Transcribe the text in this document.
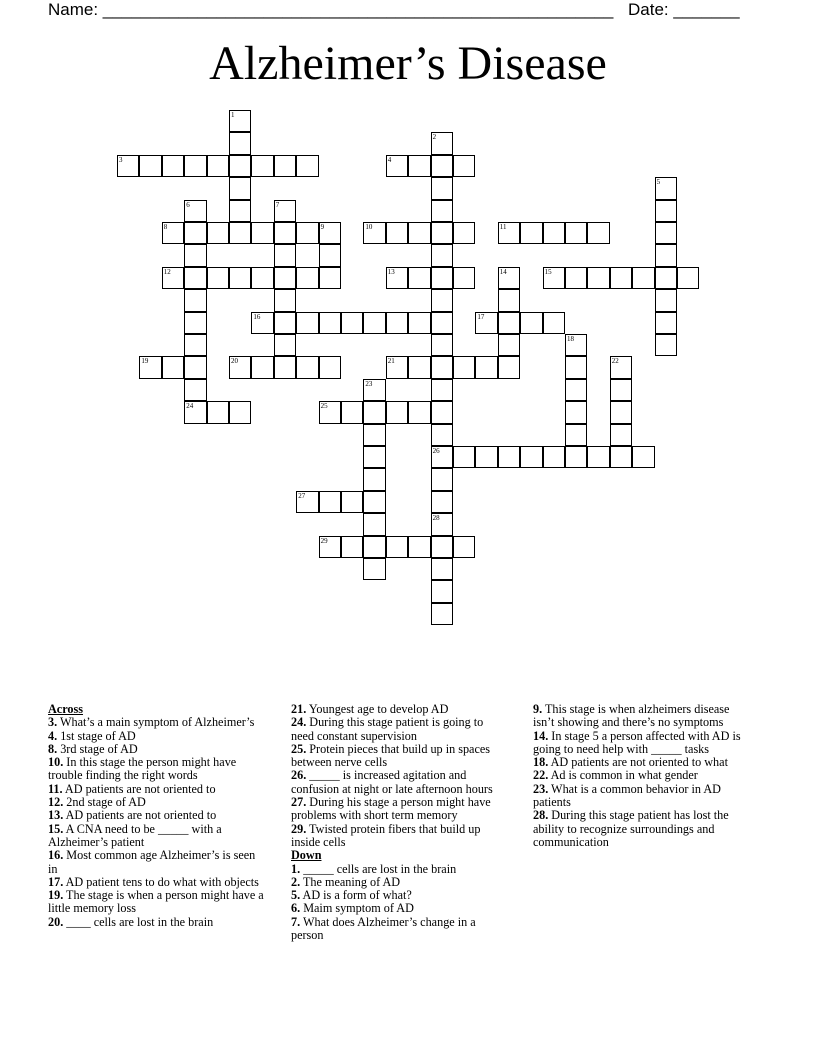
Name: ______________________________________________________ Date: _______
Alzheimer’s Disease
1
2
26
3	4
5
6
24
7
8	9	10	11
12	13	14	15
16	17
18
19	20	21	22
23
25
27
28
29
Across

3. What’s a main symptom of Alzheimer’s

4. 1st stage of AD

8. 3rd stage of AD

10. In this stage the person might have trouble finding the right words

11. AD patients are not oriented to

12. 2nd stage of AD

13. AD patients are not oriented to

15. A CNA need to be _____ with a Alzheimer’s patient

16. Most common age Alzheimer’s is seen in

17. AD patient tens to do what with objects

19. The stage is when a person might have a little memory loss

20. ____ cells are lost in the brain

21. Youngest age to develop AD

24. During this stage patient is going to need constant supervision

25. Protein pieces that build up in spaces between nerve cells

26. _____ is increased agitation and confusion at night or late afternoon hours

27. During his stage a person might have problems with short term memory

29. Twisted protein fibers that build up inside cells

Down

1. _____ cells are lost in the brain

2. The meaning of AD

5. AD is a form of what?

6. Maim symptom of AD

7. What does Alzheimer’s change in a person

9. This stage is when alzheimers disease isn’t showing and there’s no symptoms

14. In stage 5 a person affected with AD is going to need help with _____ tasks

18. AD patients are not oriented to what

22. Ad is common in what gender

23. What is a common behavior in AD patients

28. During this stage patient has lost the ability to recognize surroundings and communication
